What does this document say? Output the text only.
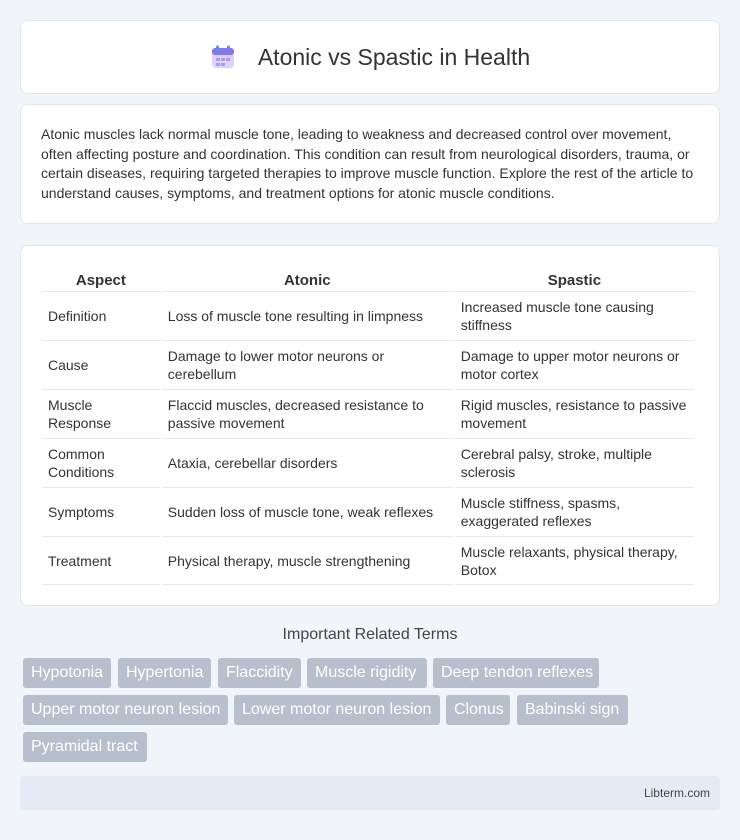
Atonic vs Spastic in Health

Atonic muscles lack normal muscle tone, leading to weakness and decreased control over movement, often affecting posture and coordination. This condition can result from neurological disorders, trauma, or certain diseases, requiring targeted therapies to improve muscle function. Explore the rest of the article to understand causes, symptoms, and treatment options for atonic muscle conditions.

Aspect	Atonic	Spastic
Definition	Loss of muscle tone resulting in limpness	Increased muscle tone causing stiffness
Cause	Damage to lower motor neurons or cerebellum	Damage to upper motor neurons or motor cortex
Muscle Response	Flaccid muscles, decreased resistance to passive movement	Rigid muscles, resistance to passive movement
Common Conditions	Ataxia, cerebellar disorders	Cerebral palsy, stroke, multiple sclerosis
Symptoms	Sudden loss of muscle tone, weak reflexes	Muscle stiffness, spasms, exaggerated reflexes
Treatment	Physical therapy, muscle strengthening	Muscle relaxants, physical therapy, Botox
Important Related Terms
Hypotonia	Hypertonia	Flaccidity	Muscle rigidity	Deep tendon reflexes
Upper motor neuron lesion	Lower motor neuron lesion	Clonus	Babinski sign
Pyramidal tract
Libterm.com
